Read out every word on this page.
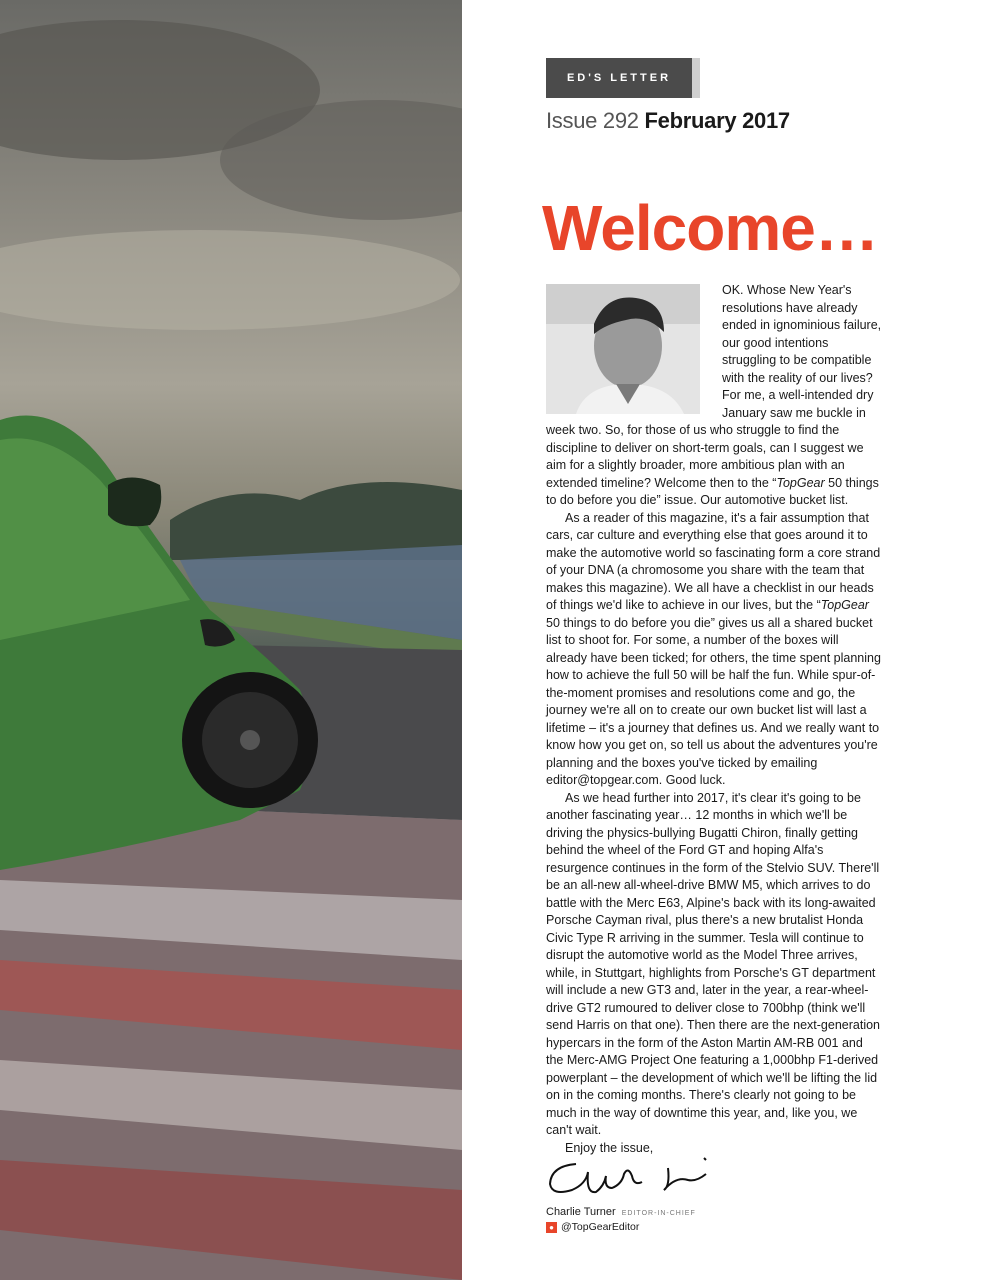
ED'S LETTER
Issue 292 February 2017
Welcome…

OK. Whose New Year's resolutions have already ended in ignominious failure, our good intentions struggling to be compatible with the reality of our lives? For me, a well-intended dry January saw me buckle in week two. So, for those of us who struggle to find the discipline to deliver on short-term goals, can I suggest we aim for a slightly broader, more ambitious plan with an extended timeline? Welcome then to the “TopGear 50 things to do before you die” issue. Our automotive bucket list.

As a reader of this magazine, it's a fair assumption that cars, car culture and everything else that goes around it to make the automotive world so fascinating form a core strand of your DNA (a chromosome you share with the team that makes this magazine). We all have a checklist in our heads of things we'd like to achieve in our lives, but the “TopGear 50 things to do before you die” gives us all a shared bucket list to shoot for. For some, a number of the boxes will already have been ticked; for others, the time spent planning how to achieve the full 50 will be half the fun. While spur-of-the-moment promises and resolutions come and go, the journey we're all on to create our own bucket list will last a lifetime – it's a journey that defines us. And we really want to know how you get on, so tell us about the adventures you're planning and the boxes you've ticked by emailing editor@topgear.com. Good luck.

As we head further into 2017, it's clear it's going to be another fascinating year… 12 months in which we'll be driving the physics-bullying Bugatti Chiron, finally getting behind the wheel of the Ford GT and hoping Alfa's resurgence continues in the form of the Stelvio SUV. There'll be an all-new all-wheel-drive BMW M5, which arrives to do battle with the Merc E63, Alpine's back with its long-awaited Porsche Cayman rival, plus there's a new brutalist Honda Civic Type R arriving in the summer. Tesla will continue to disrupt the automotive world as the Model Three arrives, while, in Stuttgart, highlights from Porsche's GT department will include a new GT3 and, later in the year, a rear-wheel-drive GT2 rumoured to deliver close to 700bhp (think we'll send Harris on that one). Then there are the next-generation hypercars in the form of the Aston Martin AM-RB 001 and the Merc-AMG Project One featuring a 1,000bhp F1-derived powerplant – the development of which we'll be lifting the lid on in the coming months. There's clearly not going to be much in the way of downtime this year, and, like you, we can't wait.

Enjoy the issue,

Charlie Turner EDITOR-IN-CHIEF
● @TopGearEditor
